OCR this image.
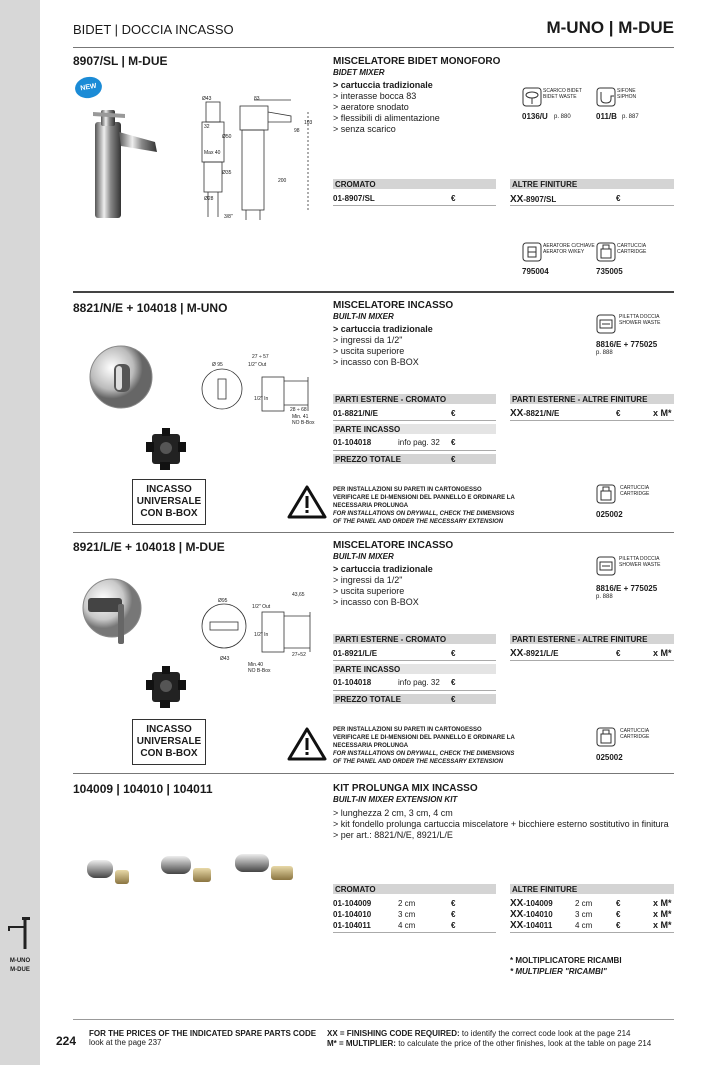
M-UNO
M-DUE
BIDET | DOCCIA INCASSO	M-UNO | M-DUE
8907/SL | M-DUE
NEW
Ø43	83
Ø50
Ø35
32
98
103
200
3/8"
Max 40
Ø28
MISCELATORE BIDET MONOFORO
BIDET MIXER
> cartuccia tradizionale
> interasse bocca 83
> aeratore snodato
> flessibili di alimentazione
> senza scarico
SCARICO BIDET
BIDET WASTE
0136/U p. 880
SIFONE
SIPHON
011/B p. 887
CROMATO	ALTRE FINITURE
01-8907/SL	€	XX-8907/SL	€
AERATORE C/CHIAVE
AERATOR W/KEY
795004
CARTUCCIA
CARTRIDGE
735005
8821/N/E + 104018 | M-UNO
Ø 95
27 ÷ 57
1/2" Out
1/2" In
28 ÷ 68
Min. 41
NO B-Box
MISCELATORE INCASSO
BUILT-IN MIXER
> cartuccia tradizionale
> ingressi da 1/2"
> uscita superiore
> incasso con B-BOX
PILETTA DOCCIA
SHOWER WASTE
8816/E + 775025
p. 888
PARTI ESTERNE - CROMATO	PARTI ESTERNE - ALTRE FINITURE
01-8821/N/E	€	XX-8821/N/E	€	x M*
PARTE INCASSO
01-104018	info pag. 32 €
PREZZO TOTALE	€
INCASSO
UNIVERSALE
CON B-BOX
PER INSTALLAZIONI SU PARETI IN CARTONGESSO VERIFICARE LE DI-MENSIONI DEL PANNELLO E ORDINARE LA NECESSARIA PROLUNGA
FOR INSTALLATIONS ON DRYWALL, CHECK THE DIMENSIONS OF THE PANEL AND ORDER THE NECESSARY EXTENSION
CARTUCCIA
CARTRIDGE
025002
8921/L/E + 104018 | M-DUE
Ø95
1/2" Out
43,65
1/2" In
Ø43
27÷52
Min.40
NO B-Box
MISCELATORE INCASSO
BUILT-IN MIXER
> cartuccia tradizionale
> ingressi da 1/2"
> uscita superiore
> incasso con B-BOX
PILETTA DOCCIA
SHOWER WASTE
8816/E + 775025
p. 888
PARTI ESTERNE - CROMATO	PARTI ESTERNE - ALTRE FINITURE
01-8921/L/E	€	XX-8921/L/E	€	x M*
PARTE INCASSO
01-104018	info pag. 32 €
PREZZO TOTALE	€
INCASSO
UNIVERSALE
CON B-BOX
PER INSTALLAZIONI SU PARETI IN CARTONGESSO VERIFICARE LE DI-MENSIONI DEL PANNELLO E ORDINARE LA NECESSARIA PROLUNGA
FOR INSTALLATIONS ON DRYWALL, CHECK THE DIMENSIONS OF THE PANEL AND ORDER THE NECESSARY EXTENSION
CARTUCCIA
CARTRIDGE
025002
104009 | 104010 | 104011	KIT PROLUNGA MIX INCASSO
BUILT-IN MIXER EXTENSION KIT
> lunghezza 2 cm, 3 cm, 4 cm
> kit fondello prolunga cartuccia miscelatore + bicchiere esterno sostitutivo in finitura
> per art.: 8821/N/E, 8921/L/E
CROMATO	ALTRE FINITURE
01-104009	2 cm	€	XX-104009	2 cm	€	x M*
01-104010	3 cm	€	XX-104010	3 cm	€	x M*
01-104011	4 cm	€	XX-104011	4 cm	€	x M*
* MOLTIPLICATORE RICAMBI
* MULTIPLIER "RICAMBI"
224
FOR THE PRICES OF THE INDICATED SPARE PARTS CODE
look at the page 237
XX = FINISHING CODE REQUIRED: to identify the correct code look at the page 214
M* = MULTIPLIER: to calculate the price of the other finishes, look at the table on page 214
